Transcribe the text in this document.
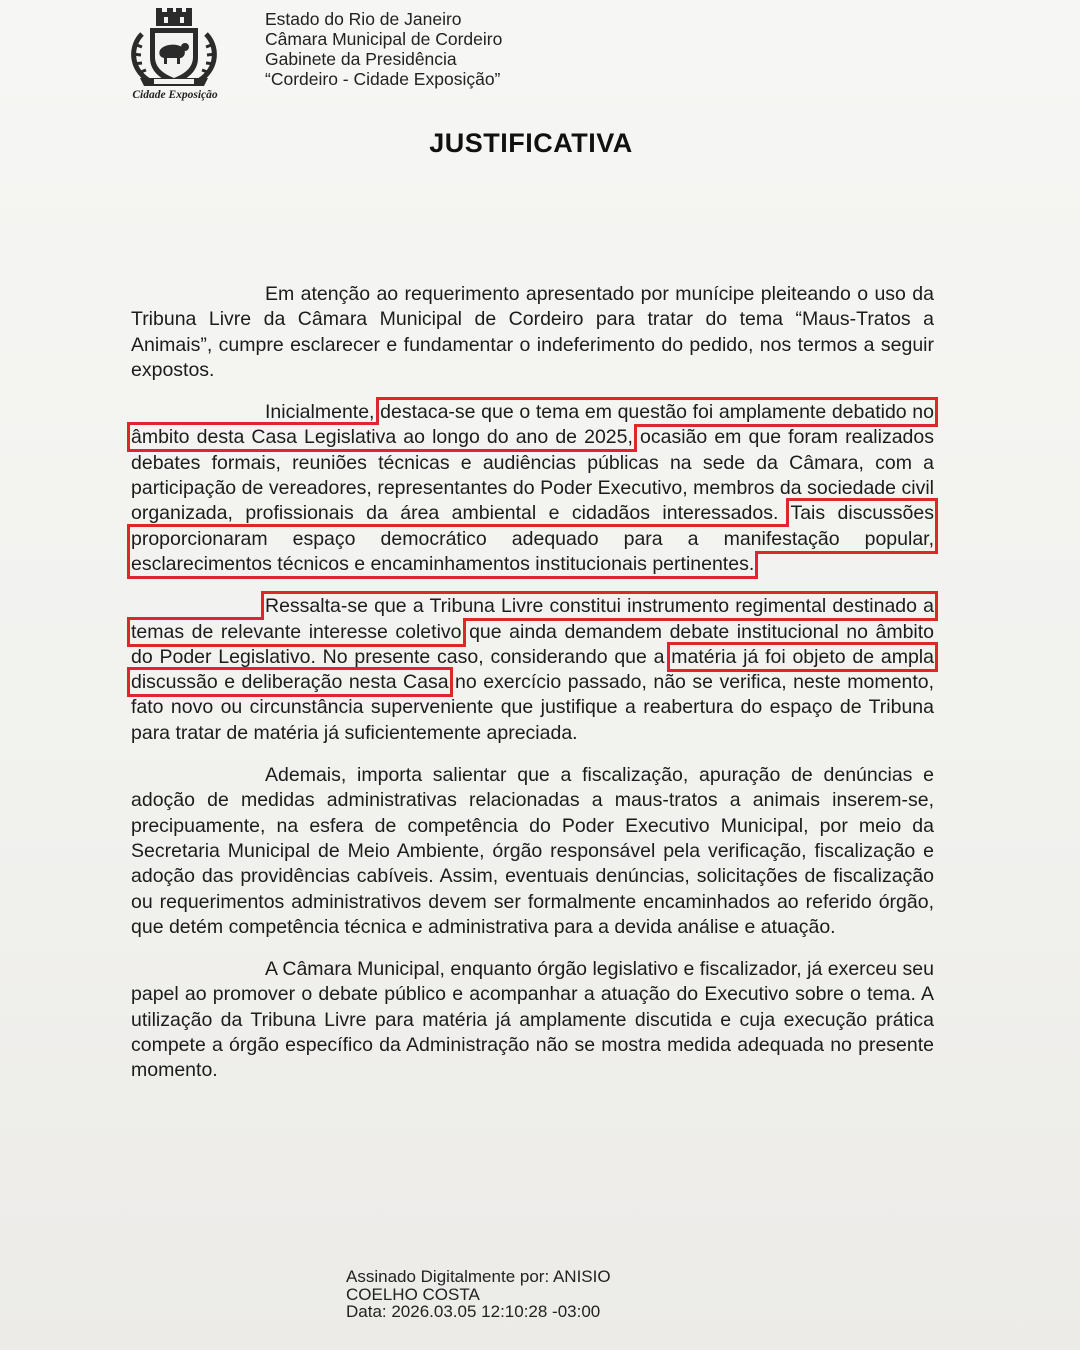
Cidade Exposição
Estado do Rio de Janeiro
Câmara Municipal de Cordeiro
Gabinete da Presidência
“Cordeiro - Cidade Exposição”
JUSTIFICATIVA

Em atenção ao requerimento apresentado por munícipe pleiteando o uso da Tribuna Livre da Câmara Municipal de Cordeiro para tratar do tema “Maus-Tratos a Animais”, cumpre esclarecer e fundamentar o indeferimento do pedido, nos termos a seguir expostos.

Inicialmente, destaca-se que o tema em questão foi amplamente debatido no âmbito desta Casa Legislativa ao longo do ano de 2025, ocasião em que foram realizados debates formais, reuniões técnicas e audiências públicas na sede da Câmara, com a participação de vereadores, representantes do Poder Executivo, membros da sociedade civil organizada, profissionais da área ambiental e cidadãos interessados. Tais discussões proporcionaram espaço democrático adequado para a manifestação popular, esclarecimentos técnicos e encaminhamentos institucionais pertinentes.

Ressalta-se que a Tribuna Livre constitui instrumento regimental destinado a temas de relevante interesse coletivo que ainda demandem debate institucional no âmbito do Poder Legislativo. No presente caso, considerando que a matéria já foi objeto de ampla discussão e deliberação nesta Casa no exercício passado, não se verifica, neste momento, fato novo ou circunstância superveniente que justifique a reabertura do espaço de Tribuna para tratar de matéria já suficientemente apreciada.

Ademais, importa salientar que a fiscalização, apuração de denúncias e adoção de medidas administrativas relacionadas a maus-tratos a animais inserem-se, precipuamente, na esfera de competência do Poder Executivo Municipal, por meio da Secretaria Municipal de Meio Ambiente, órgão responsável pela verificação, fiscalização e adoção das providências cabíveis. Assim, eventuais denúncias, solicitações de fiscalização ou requerimentos administrativos devem ser formalmente encaminhados ao referido órgão, que detém competência técnica e administrativa para a devida análise e atuação.

A Câmara Municipal, enquanto órgão legislativo e fiscalizador, já exerceu seu papel ao promover o debate público e acompanhar a atuação do Executivo sobre o tema. A utilização da Tribuna Livre para matéria já amplamente discutida e cuja execução prática compete a órgão específico da Administração não se mostra medida adequada no presente momento.

Assinado Digitalmente por: ANISIO
COELHO COSTA
Data: 2026.03.05 12:10:28 -03:00
